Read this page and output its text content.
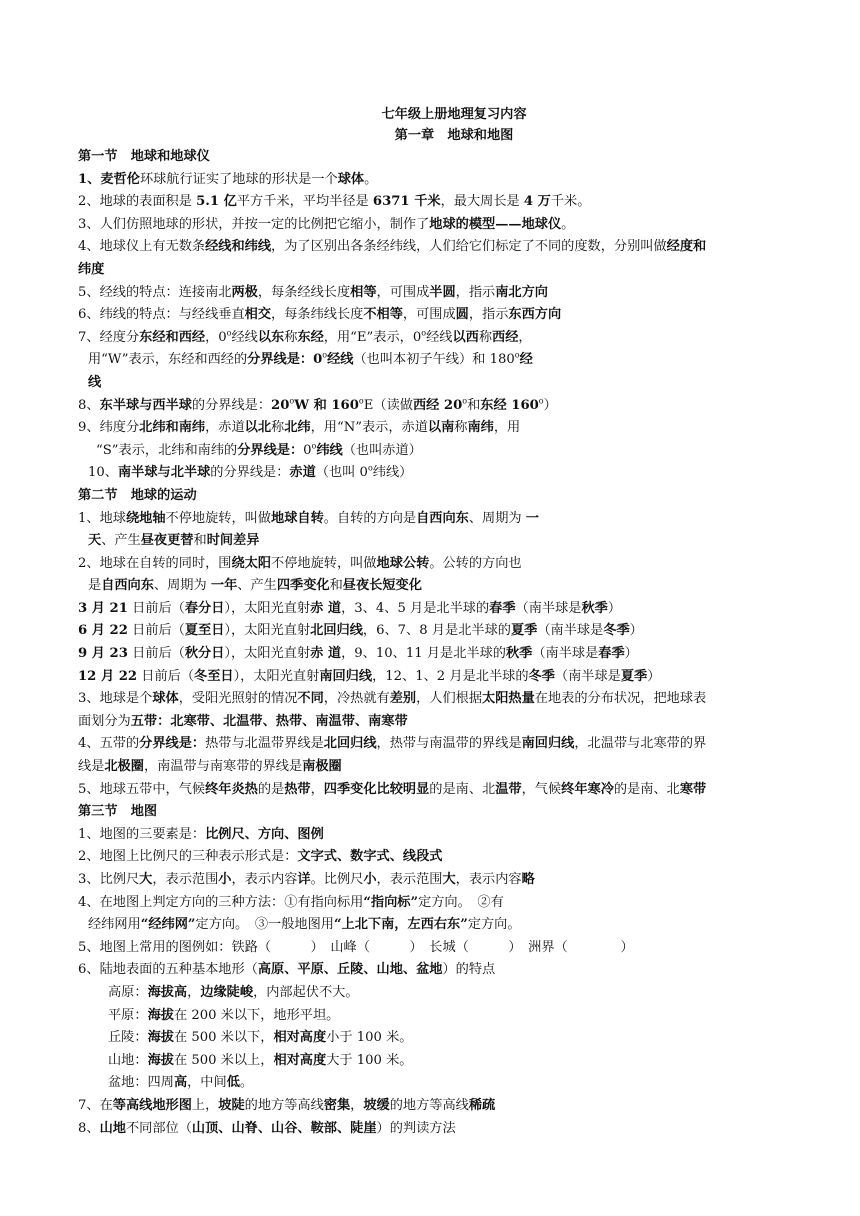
七年级上册地理复习内容
第一章　地球和地图
第一节　地球和地球仪
1、麦哲伦环球航行证实了地球的形状是一个球体。
2、地球的表面积是 5.1 亿平方千米，平均半径是 6371 千米，最大周长是 4 万千米。
3、人们仿照地球的形状，并按一定的比例把它缩小，制作了地球的模型——地球仪。
4、地球仪上有无数条经线和纬线，为了区别出各条经纬线，人们给它们标定了不同的度数，分别叫做经度和
纬度
5、经线的特点：连接南北两极，每条经线长度相等，可围成半圆，指示南北方向
6、纬线的特点：与经线垂直相交，每条纬线长度不相等，可围成圆，指示东西方向
7、经度分东经和西经，0$^o$经线以东称东经，用“E”表示，0$^o$经线以西称西经，
用“W”表示，东经和西经的分界线是：0$^o$经线（也叫本初子午线）和 180$^o$经
线
8、东半球与西半球的分界线是：20$^o$W 和 160$^o$E（读做西经 20$^o$和东经 160$^o$）
9、纬度分北纬和南纬，赤道以北称北纬，用“N”表示，赤道以南称南纬，用
“S”表示，北纬和南纬的分界线是：0$^o$纬线（也叫赤道）
10、南半球与北半球的分界线是：赤道（也叫 0$^o$纬线）
第二节　地球的运动
1、地球绕地轴不停地旋转，叫做地球自转。自转的方向是自西向东、周期为 一
天、产生昼夜更替和时间差异
2、地球在自转的同时，围绕太阳不停地旋转，叫做地球公转。公转的方向也
是自西向东、周期为 一年、产生四季变化和昼夜长短变化
3 月 21 日前后（春分日），太阳光直射赤 道，3、4、5 月是北半球的春季（南半球是秋季）
6 月 22 日前后（夏至日），太阳光直射北回归线，6、7、8 月是北半球的夏季（南半球是冬季）
9 月 23 日前后（秋分日），太阳光直射赤 道，9、10、11 月是北半球的秋季（南半球是春季）
12 月 22 日前后（冬至日），太阳光直射南回归线，12、1、2 月是北半球的冬季（南半球是夏季）
3、地球是个球体，受阳光照射的情况不同，冷热就有差别，人们根据太阳热量在地表的分布状况，把地球表
面划分为五带：北寒带、北温带、热带、南温带、南寒带
4、五带的分界线是：热带与北温带界线是北回归线，热带与南温带的界线是南回归线，北温带与北寒带的界
线是北极圈，南温带与南寒带的界线是南极圈
5、地球五带中，气候终年炎热的是热带，四季变化比较明显的是南、北温带，气候终年寒冷的是南、北寒带
第三节　地图
1、地图的三要素是：比例尺、方向、图例
2、地图上比例尺的三种表示形式是：文字式、数字式、线段式
3、比例尺大，表示范围小，表示内容详。比例尺小，表示范围大，表示内容略
4、在地图上判定方向的三种方法：①有指向标用“指向标”定方向。　②有
经纬网用“经纬网”定方向。　③一般地图用“上北下南，左西右东”定方向。
5、地图上常用的图例如：铁路（　　　）　山峰（　　　）　长城（　　　）　洲界（　　　　）
6、陆地表面的五种基本地形（高原、平原、丘陵、山地、盆地）的特点
高原：海拔高，边缘陡峻，内部起伏不大。
平原：海拔在 200 米以下，地形平坦。
丘陵：海拔在 500 米以下，相对高度小于 100 米。
山地：海拔在 500 米以上，相对高度大于 100 米。
盆地：四周高，中间低。
7、在等高线地形图上，坡陡的地方等高线密集，坡缓的地方等高线稀疏
8、山地不同部位（山顶、山脊、山谷、鞍部、陡崖）的判读方法
